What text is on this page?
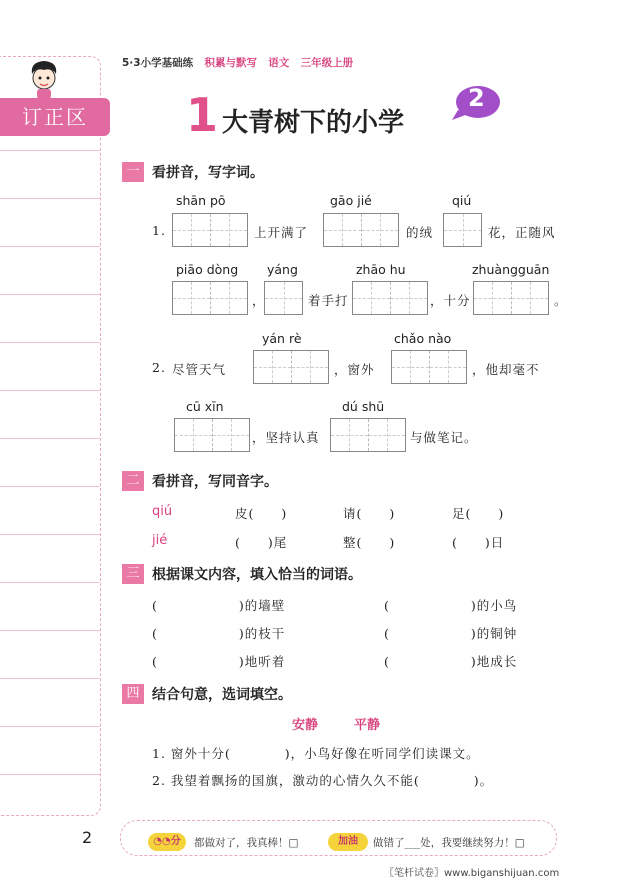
订正区
5·3小学基础练 积累与默写 语文 三年级上册
1 大青树下的小学
2
一 看拼音，写字词。
shān pō	gāo jié	qiú
1.	上开满了	的绒	花，正随风
piāo dòng yáng	zhāo hu	zhuàngguān
，	着手打	，十分	。
yán rè	chǎo nào
2. 尽管天气	，窗外	，他却毫不
cū xīn	dú shū
，坚持认真	与做笔记。
二 看拼音，写同音字。
qiú	皮(　　)	请(　　)	足(　　)
jié	(　　)尾	整(　　)	(　　)日
三 根据课文内容，填入恰当的词语。
(　　　　　　)的墙壁	(　　　　　　)的小鸟
(　　　　　　)的枝干	(　　　　　　)的铜钟
(　　　　　　)地听着	(　　　　　　)地成长
四 结合句意，选词填空。
安静	平静
1. 窗外十分(　　　　)，小鸟好像在听同学们读课文。
2. 我望着飘扬的国旗，激动的心情久久不能(　　　　)。
2	◔◔分	都做对了，我真棒！□	加油	做错了___处，我要继续努力！□
〖笔杆试卷〗www.biganshijuan.com
